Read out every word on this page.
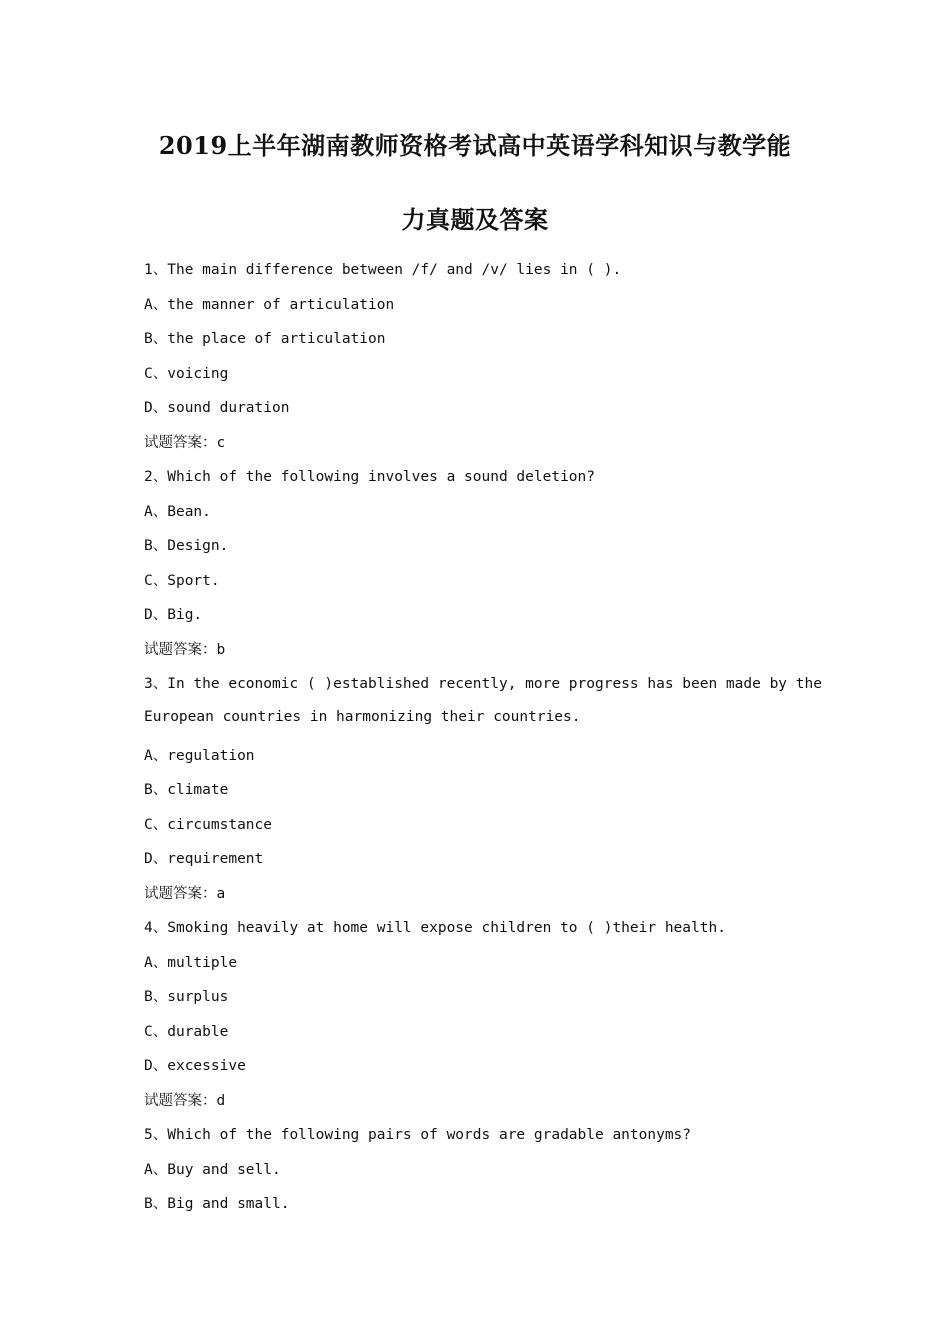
2019上半年湖南教师资格考试高中英语学科知识与教学能
力真题及答案
1、The main difference between /f/ and /v/ lies in ( ).
A、the manner of articulation
B、the place of articulation
C、voicing
D、sound duration
试题答案：c
2、Which of the following involves a sound deletion?
A、Bean.
B、Design.
C、Sport.
D、Big.
试题答案：b
3、In the economic ( )established recently, more progress has been made by the
European countries in harmonizing their countries.
A、regulation
B、climate
C、circumstance
D、requirement
试题答案：a
4、Smoking heavily at home will expose children to ( )their health.
A、multiple
B、surplus
C、durable
D、excessive
试题答案：d
5、Which of the following pairs of words are gradable antonyms?
A、Buy and sell.
B、Big and small.
